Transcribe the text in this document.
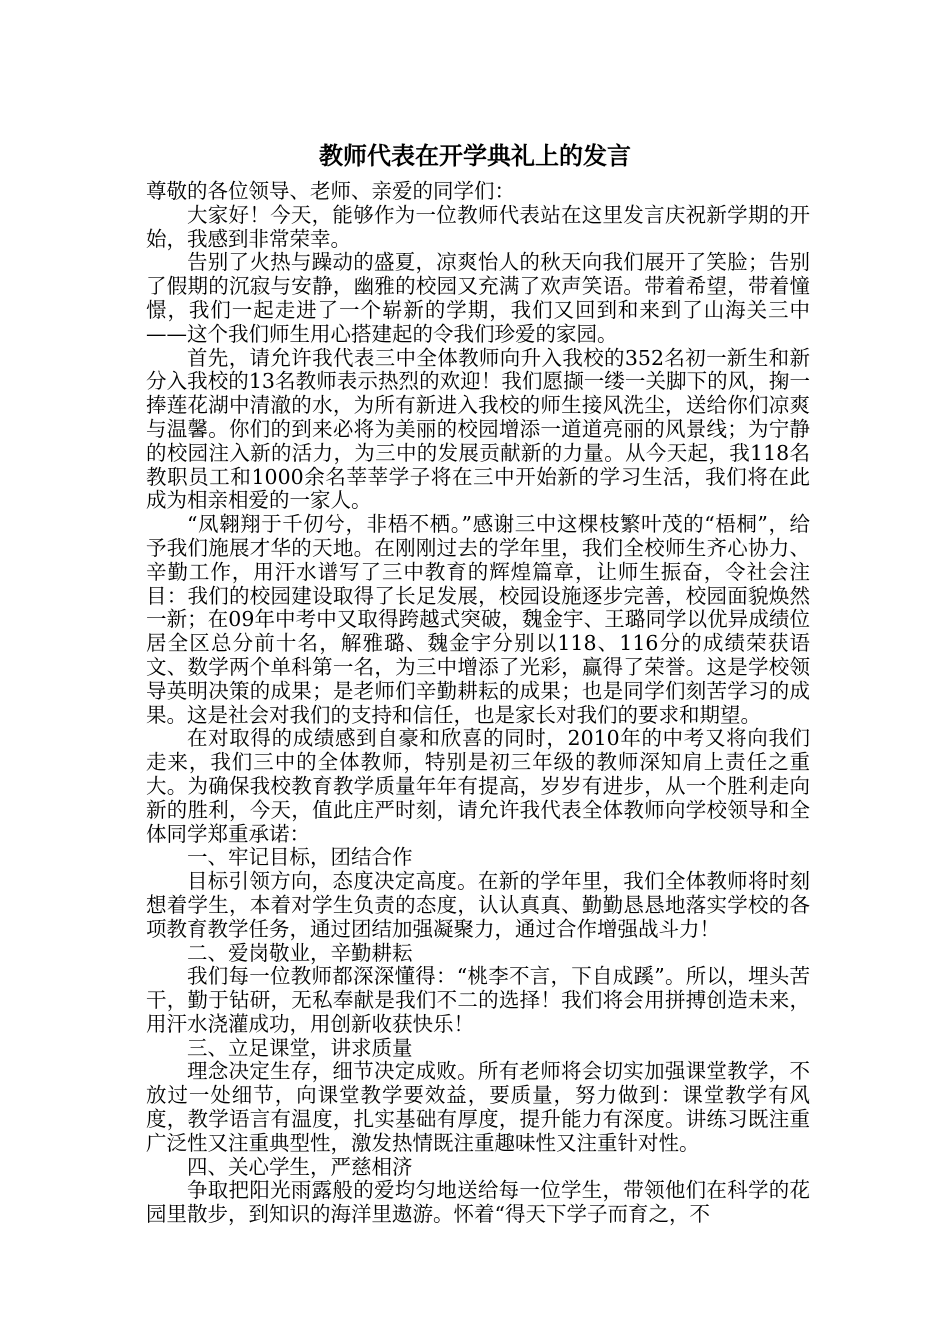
教师代表在开学典礼上的发言

尊敬的各位领导、老师、亲爱的同学们：

大家好！今天，能够作为一位教师代表站在这里发言庆祝新学期的开始，我感到非常荣幸。

告别了火热与躁动的盛夏，凉爽怡人的秋天向我们展开了笑脸；告别了假期的沉寂与安静，幽雅的校园又充满了欢声笑语。带着希望，带着憧憬，我们一起走进了一个崭新的学期，我们又回到和来到了山海关三中——这个我们师生用心搭建起的令我们珍爱的家园。

首先，请允许我代表三中全体教师向升入我校的352名初一新生和新分入我校的13名教师表示热烈的欢迎！我们愿撷一缕一关脚下的风，掬一捧莲花湖中清澈的水，为所有新进入我校的师生接风洗尘，送给你们凉爽与温馨。你们的到来必将为美丽的校园增添一道道亮丽的风景线；为宁静的校园注入新的活力，为三中的发展贡献新的力量。从今天起，我118名教职员工和1000余名莘莘学子将在三中开始新的学习生活，我们将在此成为相亲相爱的一家人。

“凤翱翔于千仞兮，非梧不栖。”感谢三中这棵枝繁叶茂的“梧桐”，给予我们施展才华的天地。在刚刚过去的学年里，我们全校师生齐心协力、辛勤工作，用汗水谱写了三中教育的辉煌篇章，让师生振奋，令社会注目：我们的校园建设取得了长足发展，校园设施逐步完善，校园面貌焕然一新；在09年中考中又取得跨越式突破，魏金宇、王璐同学以优异成绩位居全区总分前十名，解雅璐、魏金宇分别以118、116分的成绩荣获语文、数学两个单科第一名，为三中增添了光彩，赢得了荣誉。这是学校领导英明决策的成果；是老师们辛勤耕耘的成果；也是同学们刻苦学习的成果。这是社会对我们的支持和信任，也是家长对我们的要求和期望。

在对取得的成绩感到自豪和欣喜的同时，2010年的中考又将向我们走来，我们三中的全体教师，特别是初三年级的教师深知肩上责任之重大。为确保我校教育教学质量年年有提高，岁岁有进步，从一个胜利走向新的胜利，今天，值此庄严时刻，请允许我代表全体教师向学校领导和全体同学郑重承诺：

一、牢记目标，团结合作

目标引领方向，态度决定高度。在新的学年里，我们全体教师将时刻想着学生，本着对学生负责的态度，认认真真、勤勤恳恳地落实学校的各项教育教学任务，通过团结加强凝聚力，通过合作增强战斗力！

二、爱岗敬业，辛勤耕耘

我们每一位教师都深深懂得：“桃李不言，下自成蹊”。所以，埋头苦干，勤于钻研，无私奉献是我们不二的选择！我们将会用拼搏创造未来，用汗水浇灌成功，用创新收获快乐！

三、立足课堂，讲求质量

理念决定生存，细节决定成败。所有老师将会切实加强课堂教学，不放过一处细节，向课堂教学要效益，要质量，努力做到：课堂教学有风度，教学语言有温度，扎实基础有厚度，提升能力有深度。讲练习既注重广泛性又注重典型性，激发热情既注重趣味性又注重针对性。

四、关心学生，严慈相济

争取把阳光雨露般的爱均匀地送给每一位学生，带领他们在科学的花园里散步，到知识的海洋里遨游。怀着“得天下学子而育之，不
